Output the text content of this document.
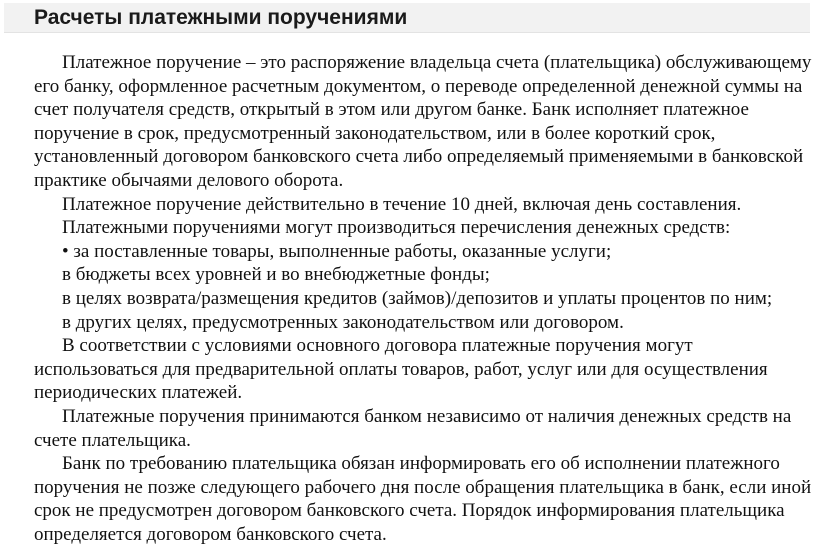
Расчеты платежными поручениями

Платежное поручение – это распоряжение владельца счета (плательщика) обслуживающему его банку, оформленное расчетным документом, о переводе определенной денежной суммы на счет получателя средств, открытый в этом или другом банке. Банк исполняет платежное поручение в срок, предусмотренный законодательством, или в более короткий срок, установленный договором банковского счета либо определяемый применяемыми в банковской практике обычаями делового оборота.

Платежное поручение действительно в течение 10 дней, включая день составления.

Платежными поручениями могут производиться перечисления денежных средств:

• за поставленные товары, выполненные работы, оказанные услуги;

в бюджеты всех уровней и во внебюджетные фонды;

в целях возврата/размещения кредитов (займов)/депозитов и уплаты процентов по ним;

в других целях, предусмотренных законодательством или договором.

В соответствии с условиями основного договора платежные поручения могут использоваться для предварительной оплаты товаров, работ, услуг или для осуществления периодических платежей.

Платежные поручения принимаются банком независимо от наличия денежных средств на счете плательщика.

Банк по требованию плательщика обязан информировать его об исполнении платежного поручения не позже следующего рабочего дня после обращения плательщика в банк, если иной срок не предусмотрен договором банковского счета. Порядок информирования плательщика определяется договором банковского счета.
